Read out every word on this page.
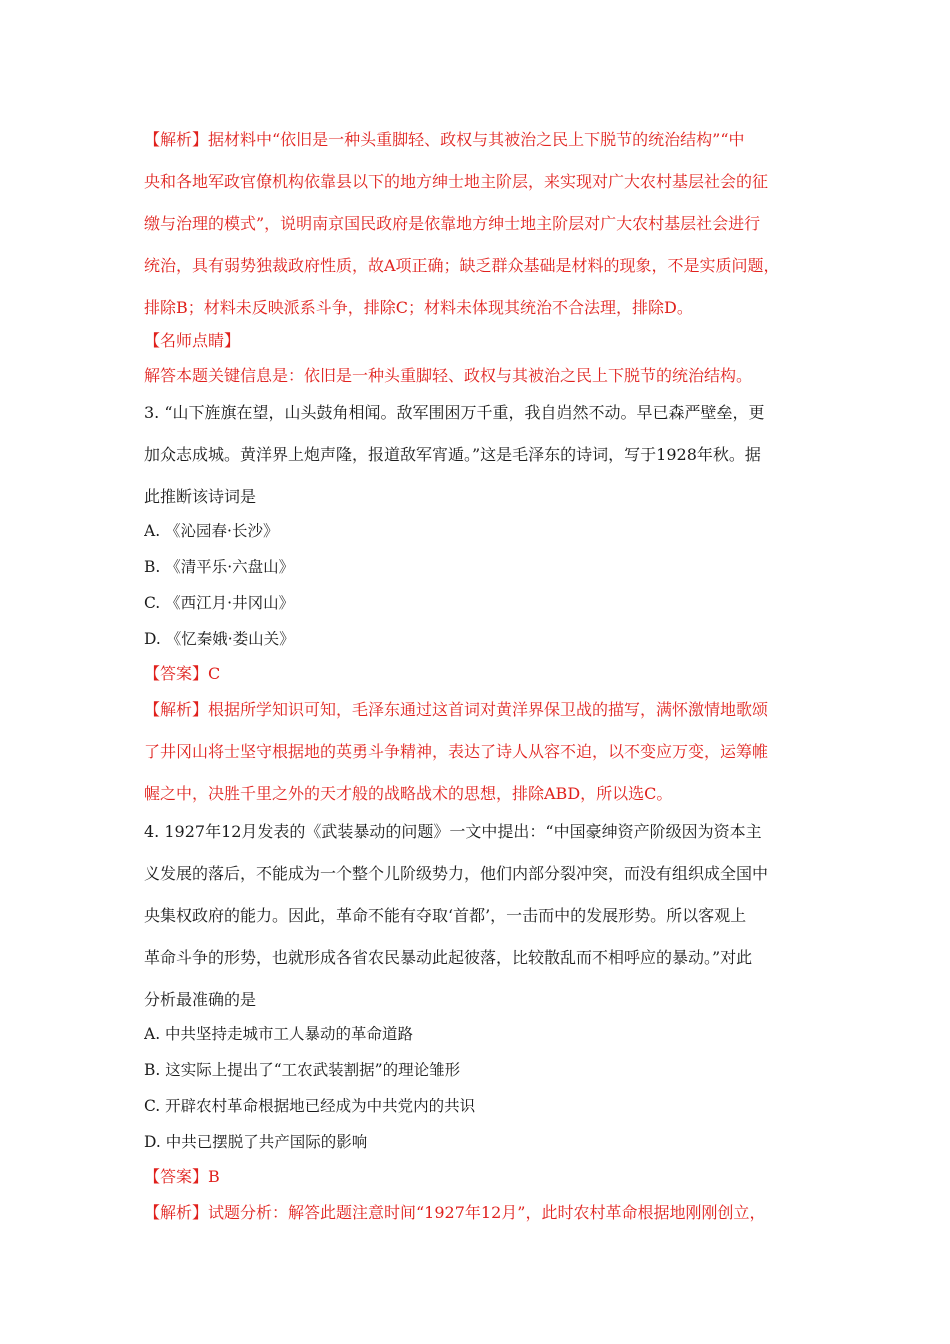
【解析】据材料中“依旧是一种头重脚轻、政权与其被治之民上下脱节的统治结构”“中
央和各地军政官僚机构依靠县以下的地方绅士地主阶层，来实现对广大农村基层社会的征
缴与治理的模式”，说明南京国民政府是依靠地方绅士地主阶层对广大农村基层社会进行
统治，具有弱势独裁政府性质，故A项正确；缺乏群众基础是材料的现象，不是实质问题，
排除B；材料未反映派系斗争，排除C；材料未体现其统治不合法理，排除D。
【名师点睛】
解答本题关键信息是：依旧是一种头重脚轻、政权与其被治之民上下脱节的统治结构。
3. “山下旌旗在望，山头鼓角相闻。敌军围困万千重，我自岿然不动。早已森严壁垒，更
加众志成城。黄洋界上炮声隆，报道敌军宵遁。”这是毛泽东的诗词，写于1928年秋。据
此推断该诗词是
A. 《沁园春·长沙》
B. 《清平乐·六盘山》
C. 《西江月·井冈山》
D. 《忆秦娥·娄山关》
【答案】C
【解析】根据所学知识可知，毛泽东通过这首词对黄洋界保卫战的描写，满怀激情地歌颂
了井冈山将士坚守根据地的英勇斗争精神，表达了诗人从容不迫，以不变应万变，运筹帷
幄之中，决胜千里之外的天才般的战略战术的思想，排除ABD，所以选C。
4. 1927年12月发表的《武装暴动的问题》一文中提出：“中国豪绅资产阶级因为资本主
义发展的落后，不能成为一个整个儿阶级势力，他们内部分裂冲突，而没有组织成全国中
央集权政府的能力。因此，革命不能有夺取‘首都’，一击而中的发展形势。所以客观上
革命斗争的形势，也就形成各省农民暴动此起彼落，比较散乱而不相呼应的暴动。”对此
分析最准确的是
A. 中共坚持走城市工人暴动的革命道路
B. 这实际上提出了“工农武装割据”的理论雏形
C. 开辟农村革命根据地已经成为中共党内的共识
D. 中共已摆脱了共产国际的影响
【答案】B
【解析】试题分析：解答此题注意时间“1927年12月”，此时农村革命根据地刚刚创立，
